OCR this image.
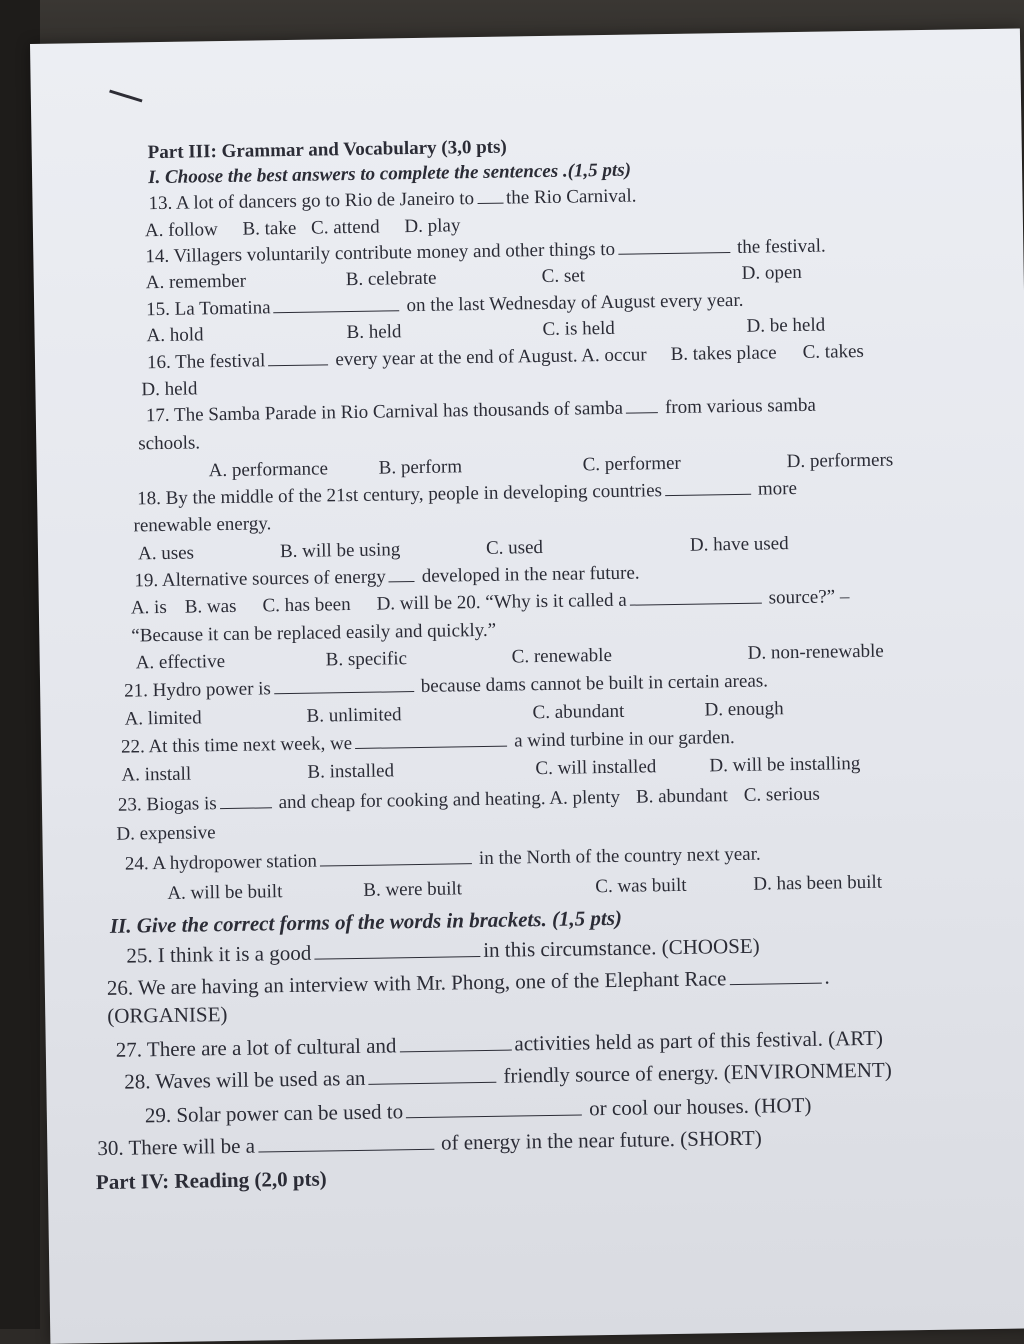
Part III: Grammar and Vocabulary (3,0 pts)
I. Choose the best answers to complete the sentences .(1,5 pts)
13. A lot of dancers go to Rio de Janeiro to the Rio Carnival.
A. follow B. take C. attend D. play
14. Villagers voluntarily contribute money and other things to	the festival.
A. remember	B. celebrate	C. set	D. open
15. La Tomatina	on the last Wednesday of August every year.
A. hold	B. held	C. is held	D. be held
16. The festival	every year at the end of August. A. occur B. takes place C. takes
D. held
17. The Samba Parade in Rio Carnival has thousands of samba from various samba
schools.
A. performance	B. perform	C. performer	D. performers
18. By the middle of the 21st century, people in developing countries	more
renewable energy.
A. uses	B. will be using	C. used	D. have used
19. Alternative sources of energy developed in the near future.
A. is B. was C. has been D. will be 20. “Why is it called a	source?” –
“Because it can be replaced easily and quickly.”
A. effective	B. specific	C. renewable	D. non-renewable
21. Hydro power is	because dams cannot be built in certain areas.
A. limited	B. unlimited	C. abundant	D. enough
22. At this time next week, we	a wind turbine in our garden.
A. install	B. installed	C. will installed	D. will be installing
23. Biogas is	and cheap for cooking and heating. A. plenty B. abundant C. serious
D. expensive
24. A hydropower station	in the North of the country next year.
A. will be built	B. were built	C. was built	D. has been built
II. Give the correct forms of the words in brackets. (1,5 pts)
25. I think it is a good	in this circumstance. (CHOOSE)
26. We are having an interview with Mr. Phong, one of the Elephant Race	.
(ORGANISE)
27. There are a lot of cultural and	activities held as part of this festival. (ART)
28. Waves will be used as an	friendly source of energy. (ENVIRONMENT)
29. Solar power can be used to	or cool our houses. (HOT)
30. There will be a	of energy in the near future. (SHORT)
Part IV: Reading (2,0 pts)
